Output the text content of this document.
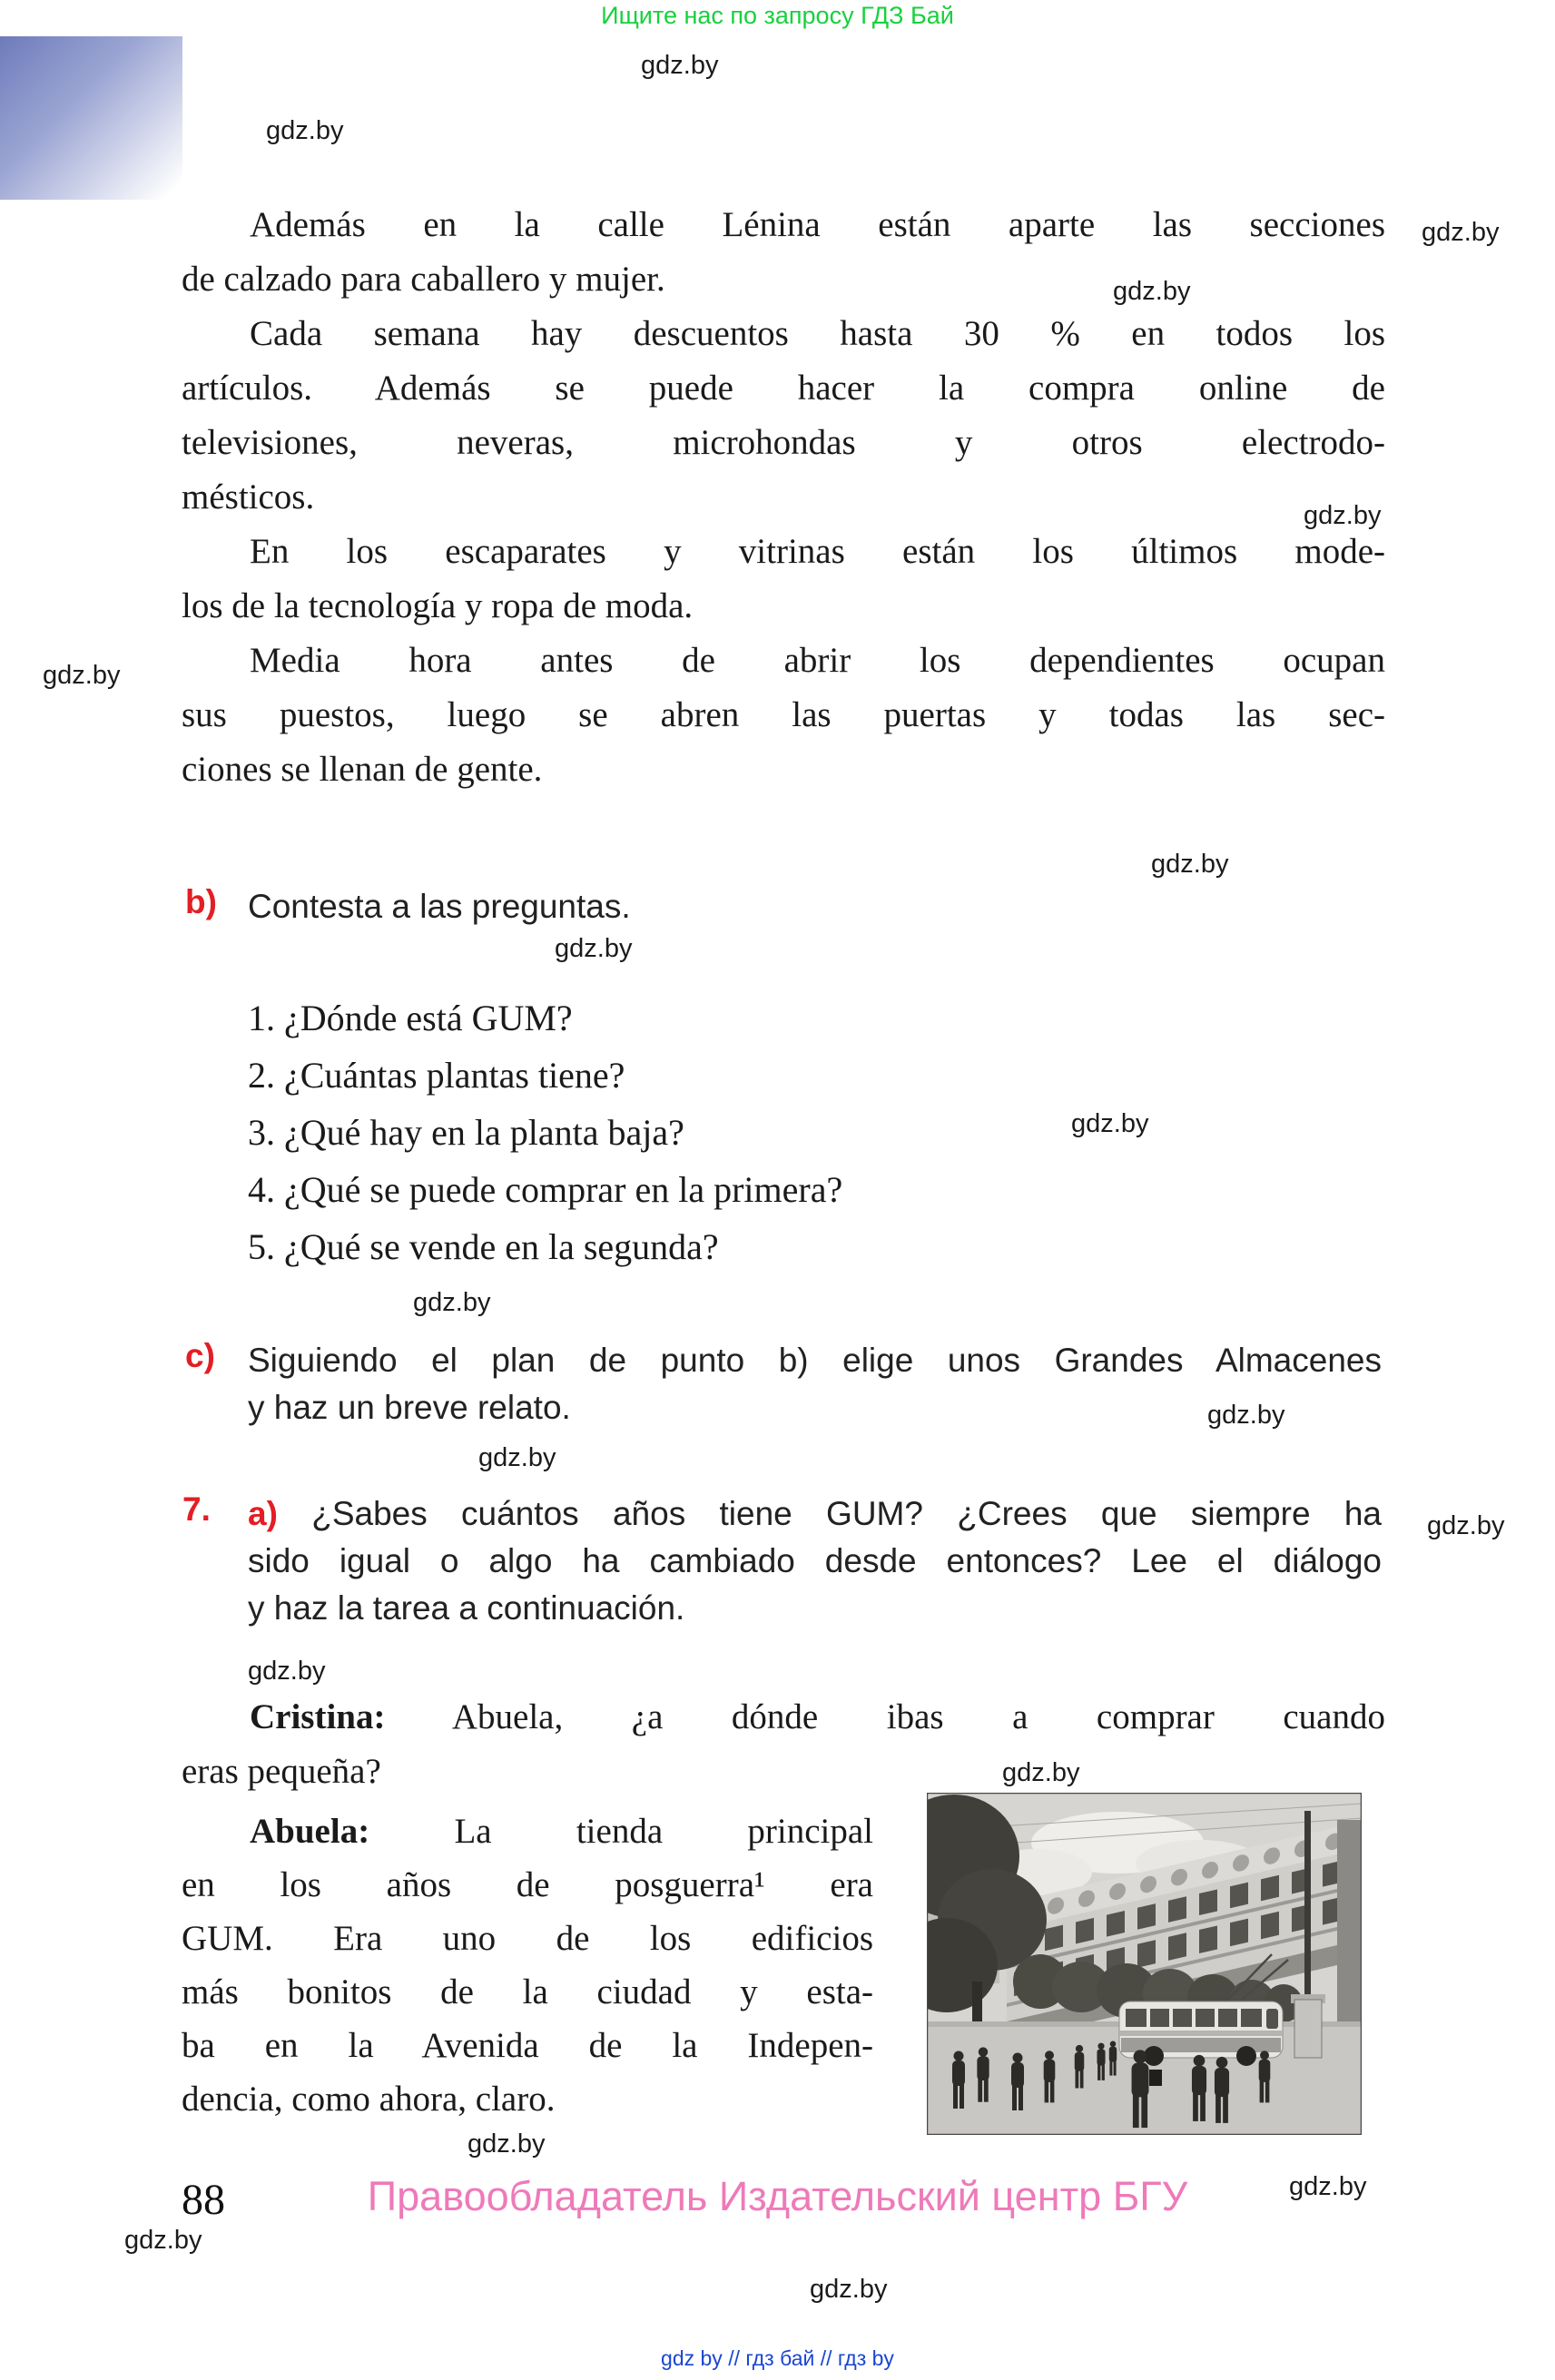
Ищите нас по запросу ГДЗ Бай
gdz.by
gdz.by
gdz.by
gdz.by
gdz.by
gdz.by
gdz.by
gdz.by
gdz.by
gdz.by
gdz.by
gdz.by
gdz.by
gdz.by
gdz.by
gdz.by
gdz.by
gdz.by
gdz.by
Además en la calle Lénina están aparte las secciones
de calzado para caballero y mujer.
Cada semana hay descuentos hasta 30 % en todos los
artículos. Además se puede hacer la compra online de
televisiones, neveras, microhondas y otros electrodo-
mésticos.
En los escaparates y vitrinas están los últimos mode-
los de la tecnología y ropa de moda.
Media hora antes de abrir los dependientes ocupan
sus puestos, luego se abren las puertas y todas las sec-
ciones se llenan de gente.
b) Contesta a las preguntas.
1. ¿Dónde está GUM?
2. ¿Cuántas plantas tiene?
3. ¿Qué hay en la planta baja?
4. ¿Qué se puede comprar en la primera?
5. ¿Qué se vende en la segunda?
c) Siguiendo el plan de punto b) elige unos Grandes Almacenes
y haz un breve relato.
7. a) ¿Sabes cuántos años tiene GUM? ¿Crees que siempre ha
sido igual o algo ha cambiado desde entonces? Lee el diálogo
y haz la tarea a continuación.
Cristina: Abuela, ¿a dónde ibas a comprar cuando
eras pequeña?
Abuela: La tienda principal
en los años de posguerra¹ era
GUM. Era uno de los edificios
más bonitos de la ciudad y esta-
ba en la Avenida de la Indepen-
dencia, como ahora, claro.
88	Правообладатель Издательский центр БГУ
gdz by // гдз бай // гдз by
